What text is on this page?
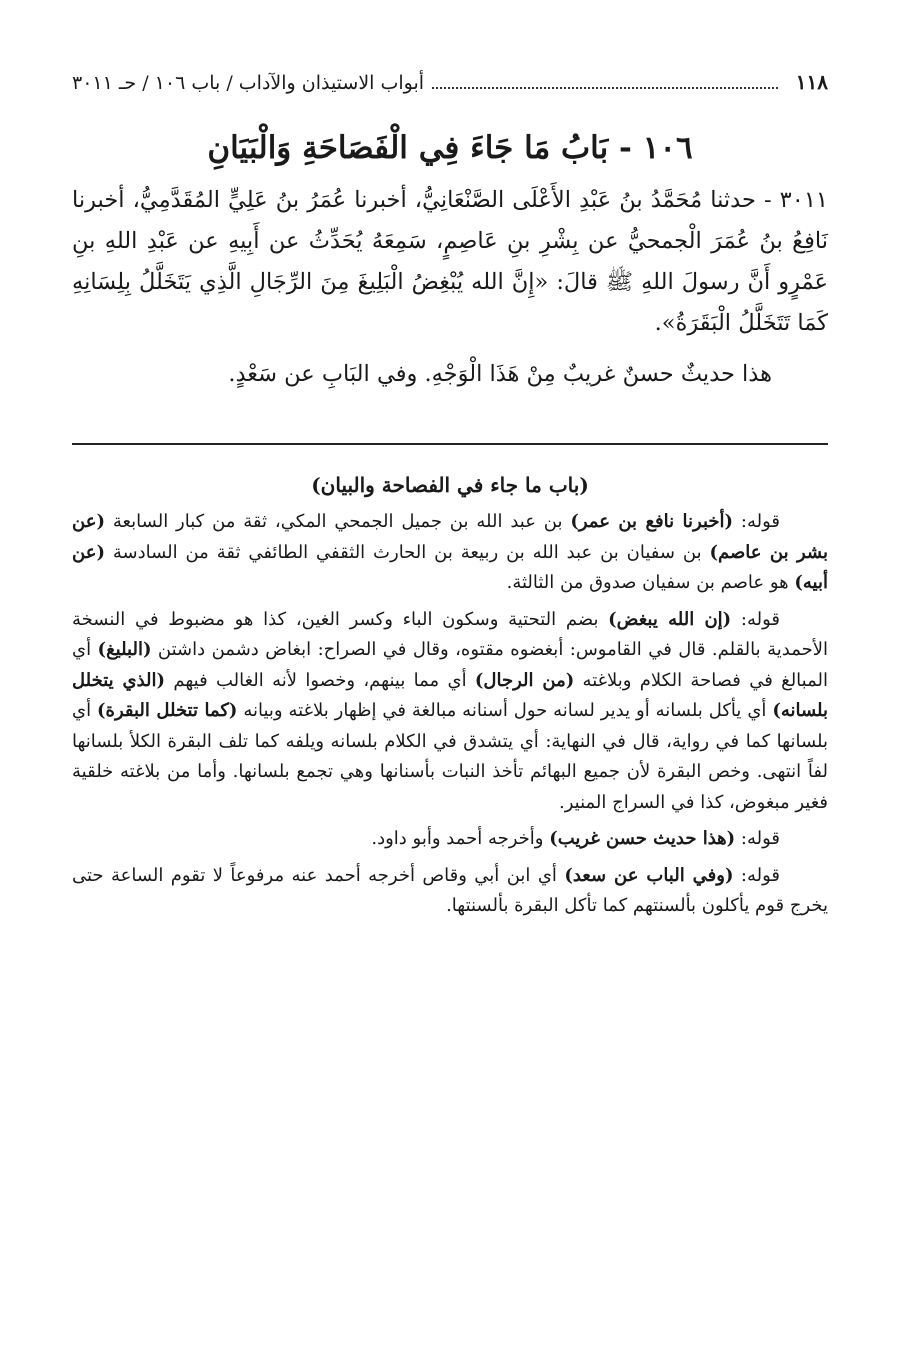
١١٨
أبواب الاستيذان والآداب / باب ١٠٦ / حـ ٣٠١١
١٠٦ - بَابُ مَا جَاءَ فِي الْفَصَاحَةِ وَالْبَيَانِ

٣٠١١ - حدثنا مُحَمَّدُ بنُ عَبْدِ الأَعْلَى الصَّنْعَانِيُّ، أخبرنا عُمَرُ بنُ عَلِيٍّ المُقَدَّمِيُّ، أخبرنا نَافِعُ بنُ عُمَرَ الْجمحيُّ عن بِشْرِ بنِ عَاصِمٍ، سَمِعَهُ يُحَدِّثُ عن أَبِيهِ عن عَبْدِ اللهِ بنِ عَمْرٍو أَنَّ رسولَ اللهِ ﷺ قالَ: «إِنَّ الله يُبْغِضُ الْبَلِيغَ مِنَ الرِّجَالِ الَّذِي يَتَخَلَّلُ بِلِسَانِهِ كَمَا تَتَخَلَّلُ الْبَقَرَةُ».

هذا حديثٌ حسنٌ غريبٌ مِنْ هَذَا الْوَجْهِ. وفي البَابِ عن سَعْدٍ.
(باب ما جاء في الفصاحة والبيان)

قوله: (أخبرنا نافع بن عمر) بن عبد الله بن جميل الجمحي المكي، ثقة من كبار السابعة (عن بشر بن عاصم) بن سفيان بن عبد الله بن ربيعة بن الحارث الثقفي الطائفي ثقة من السادسة (عن أبيه) هو عاصم بن سفيان صدوق من الثالثة.

قوله: (إن الله يبغض) بضم التحتية وسكون الباء وكسر الغين، كذا هو مضبوط في النسخة الأحمدية بالقلم. قال في القاموس: أبغضوه مقتوه، وقال في الصراح: ابغاض دشمن داشتن (البليغ) أي المبالغ في فصاحة الكلام وبلاغته (من الرجال) أي مما بينهم، وخصوا لأنه الغالب فيهم (الذي يتخلل بلسانه) أي يأكل بلسانه أو يدير لسانه حول أسنانه مبالغة في إظهار بلاغته وبيانه (كما تتخلل البقرة) أي بلسانها كما في رواية، قال في النهاية: أي يتشدق في الكلام بلسانه ويلفه كما تلف البقرة الكلأ بلسانها لفاً انتهى. وخص البقرة لأن جميع البهائم تأخذ النبات بأسنانها وهي تجمع بلسانها. وأما من بلاغته خلقية فغير مبغوض، كذا في السراج المنير.

قوله: (هذا حديث حسن غريب) وأخرجه أحمد وأبو داود.

قوله: (وفي الباب عن سعد) أي ابن أبي وقاص أخرجه أحمد عنه مرفوعاً لا تقوم الساعة حتى يخرج قوم يأكلون بألسنتهم كما تأكل البقرة بألسنتها.
